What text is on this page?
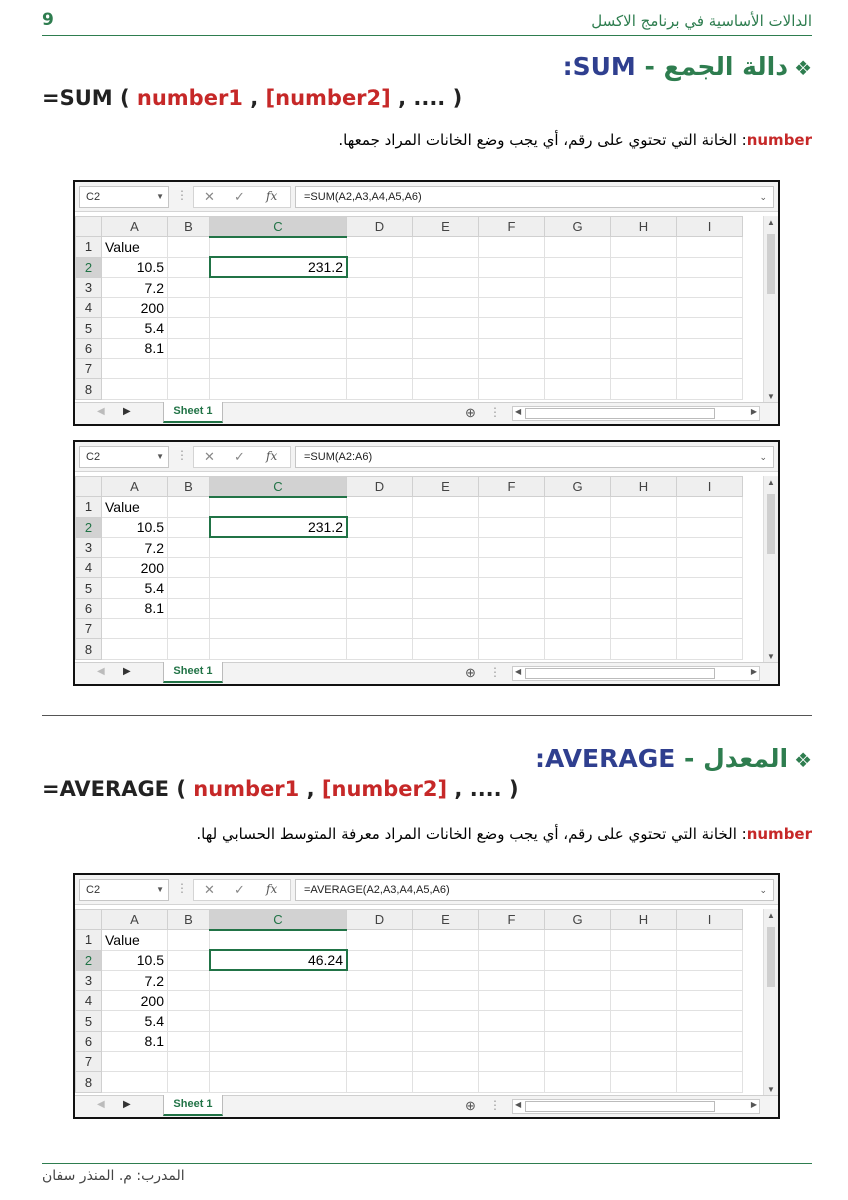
9	الدالات الأساسية في برنامج الاكسل
❖دالة الجمع - SUM:
=SUM ( number1 , [number2] , .... )
number: الخانة التي تحتوي على رقم، أي يجب وضع الخانات المراد جمعها.
C2	▼ ⋮ ✕ ✓ fx	=SUM(A2,A3,A4,A5,A6)	⌄
	A	B	C	D	E	F	G	H	I
1	Value								
2	10.5		231.2						
3	7.2								
4	200								
5	5.4								
6	8.1								
7									
8									
▲
▼
◀ ▶	Sheet 1	⊕ ⋮ ◀	▶
C2	▼ ⋮ ✕ ✓ fx	=SUM(A2:A6)	⌄
	A	B	C	D	E	F	G	H	I
1	Value								
2	10.5		231.2						
3	7.2								
4	200								
5	5.4								
6	8.1								
7									
8									
▲
▼
◀ ▶	Sheet 1	⊕ ⋮ ◀	▶
❖المعدل - AVERAGE:
=AVERAGE ( number1 , [number2] , .... )
number: الخانة التي تحتوي على رقم، أي يجب وضع الخانات المراد معرفة المتوسط الحسابي لها.
C2	▼ ⋮ ✕ ✓ fx	=AVERAGE(A2,A3,A4,A5,A6)	⌄
	A	B	C	D	E	F	G	H	I
1	Value								
2	10.5		46.24						
3	7.2								
4	200								
5	5.4								
6	8.1								
7									
8									
▲
▼
◀ ▶	Sheet 1	⊕ ⋮ ◀	▶
المدرب: م. المنذر سفان
